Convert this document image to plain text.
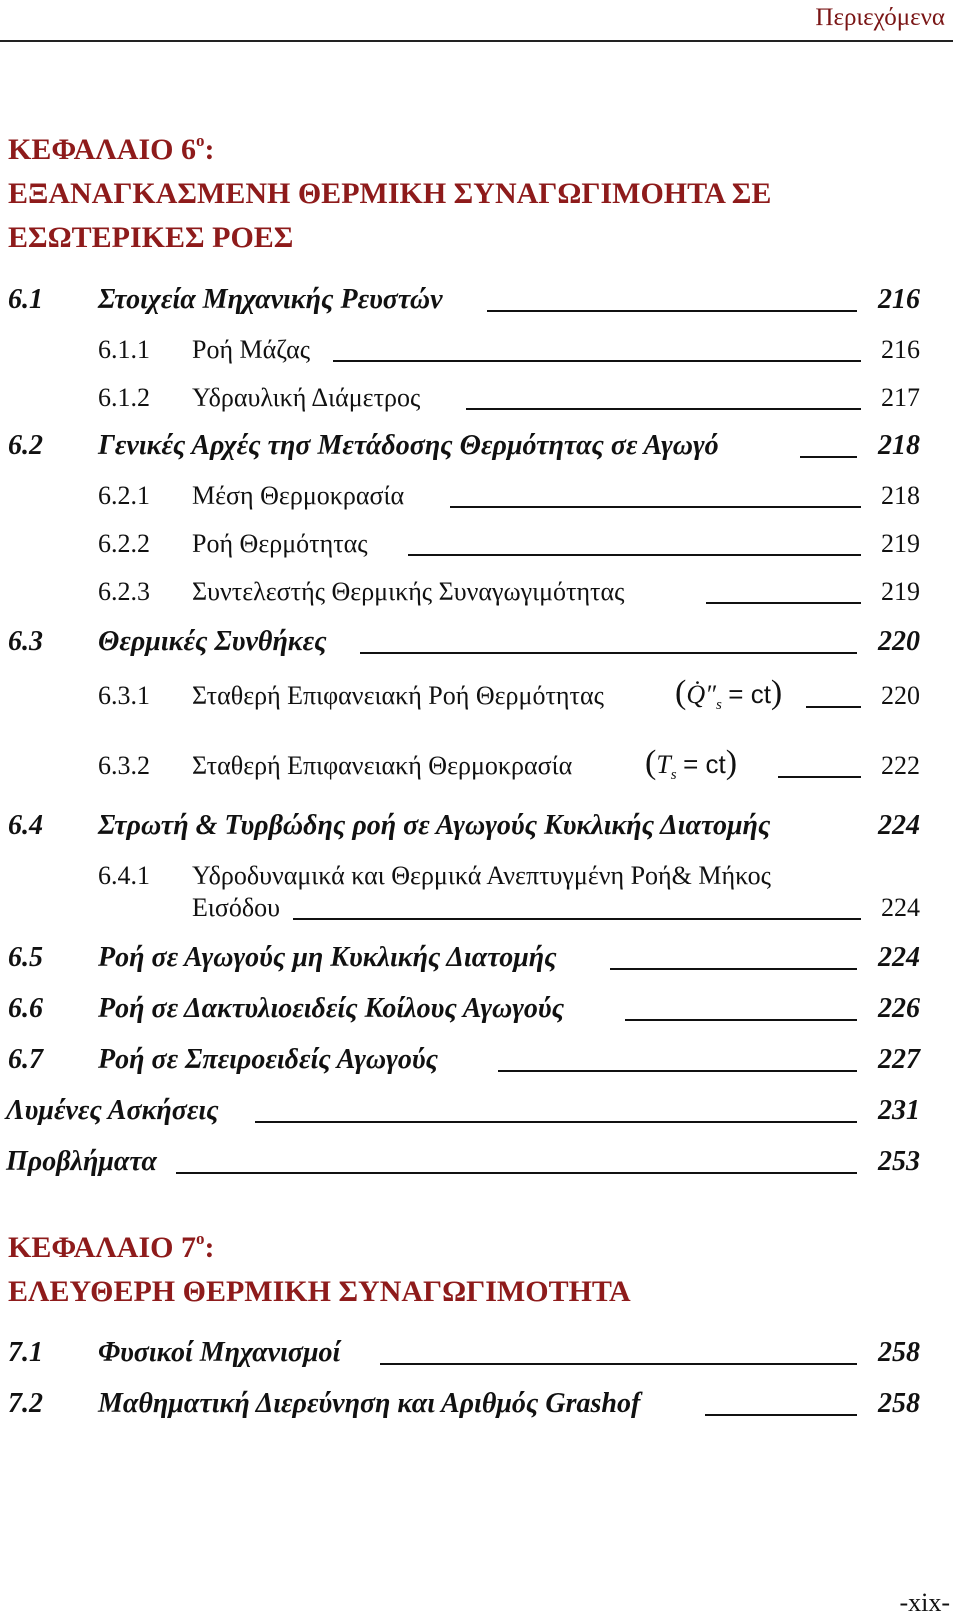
Περιεχόμενα
ΚΕΦΑΛΑΙΟ $6^o$:
ΕΞΑΝΑΓΚΑΣΜΕΝΗ ΘΕΡΜΙΚΗ ΣΥΝΑΓΩΓΙΜΟΗΤΑ ΣΕ
ΕΣΩΤΕΡΙΚΕΣ ΡΟΕΣ
6.1 Στοιχεία Μηχανικής Ρευστών	216
6.1.1 Ροή Μάζας	216
6.1.2 Υδραυλική Διάμετρος	217
6.2 Γενικές Αρχές τησ Μετάδοσης Θερμότητας σε Αγωγό	218
6.2.1 Μέση Θερμοκρασία	218
6.2.2 Ροή Θερμότητας	219
6.2.3 Συντελεστής Θερμικής Συναγωγιμότητας	219
6.3 Θερμικές Συνθήκες	220
6.3.1 Σταθερή Επιφανειακή Ροή Θερμότητας $(Q̇''_s = ct)$	220
6.3.2 Σταθερή Επιφανειακή Θερμοκρασία $(T_s = ct)$	222
6.4 Στρωτή & Τυρβώδης ροή σε Αγωγούς Κυκλικής Διατομής	224
6.4.1 Υδροδυναμικά και Θερμικά Ανεπτυγμένη Ροή& Μήκος
Εισόδου	224
6.5 Ροή σε Αγωγούς μη Κυκλικής Διατομής	224
6.6 Ροή σε Δακτυλιοειδείς Κοίλους Αγωγούς	226
6.7 Ροή σε Σπειροειδείς Αγωγούς	227
Λυμένες Ασκήσεις	231
Προβλήματα	253
ΚΕΦΑΛΑΙΟ $7^o$:
ΕΛΕΥΘΕΡΗ ΘΕΡΜΙΚΗ ΣΥΝΑΓΩΓΙΜΟΤΗΤΑ
7.1 Φυσικοί Μηχανισμοί	258
7.2 Μαθηματική Διερεύνηση και Αριθμός Grashof	258
-xix-
